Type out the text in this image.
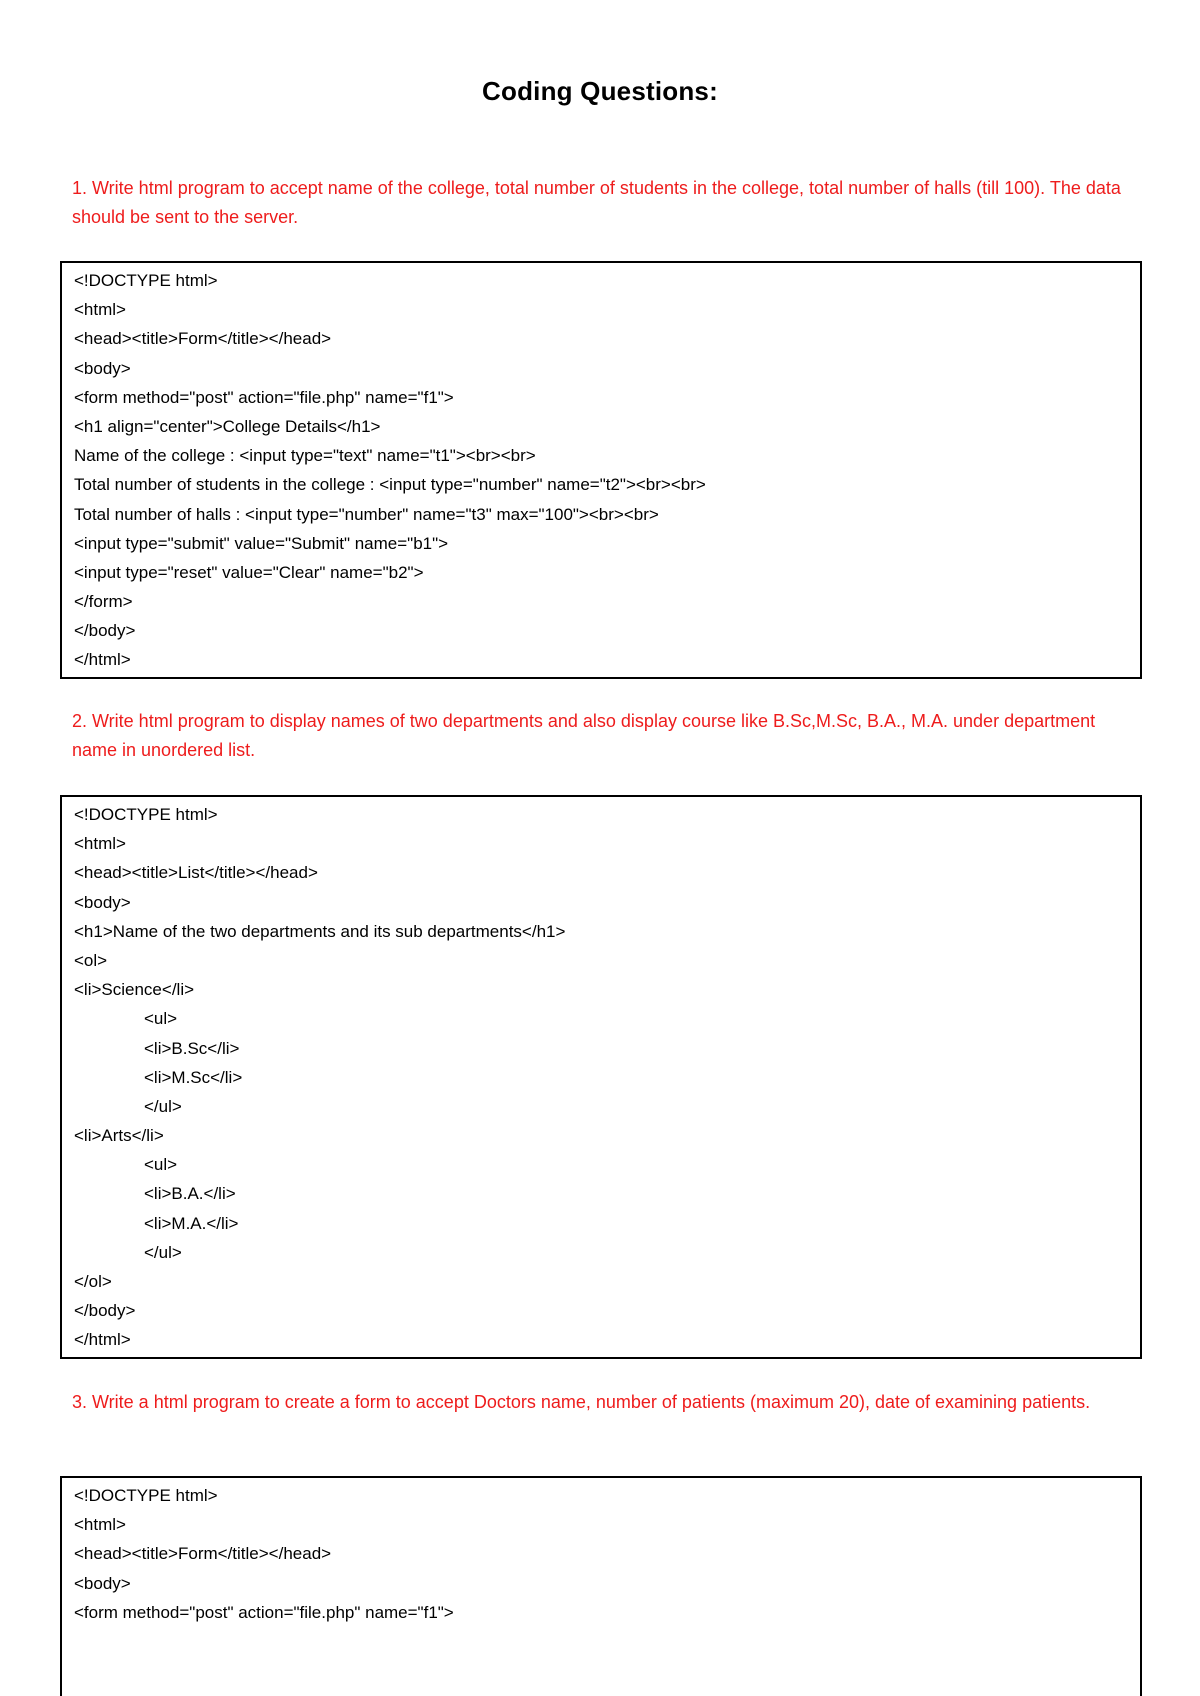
Coding Questions:
1. Write html program to accept name of the college, total number of students in the college, total number of halls (till 100). The data should be sent to the server.
<!DOCTYPE html>
<html>
<head><title>Form</title></head>
<body>
<form method="post" action="file.php" name="f1">
<h1 align="center">College Details</h1>
Name of the college : <input type="text" name="t1"><br><br>
Total number of students in the college : <input type="number" name="t2"><br><br>
Total number of halls : <input type="number" name="t3" max="100"><br><br>
<input type="submit" value="Submit" name="b1">
<input type="reset" value="Clear" name="b2">
</form>
</body>
</html>
2. Write html program to display names of two departments and also display course like B.Sc,M.Sc, B.A., M.A. under department name in unordered list.
<!DOCTYPE html>
<html>
<head><title>List</title></head>
<body>
<h1>Name of the two departments and its sub departments</h1>
<ol>
<li>Science</li>
<ul>
<li>B.Sc</li>
<li>M.Sc</li>
</ul>
<li>Arts</li>
<ul>
<li>B.A.</li>
<li>M.A.</li>
</ul>
</ol>
</body>
</html>
3. Write a html program to create a form to accept Doctors name, number of patients (maximum 20), date of examining patients.
<!DOCTYPE html>
<html>
<head><title>Form</title></head>
<body>
<form method="post" action="file.php" name="f1">
